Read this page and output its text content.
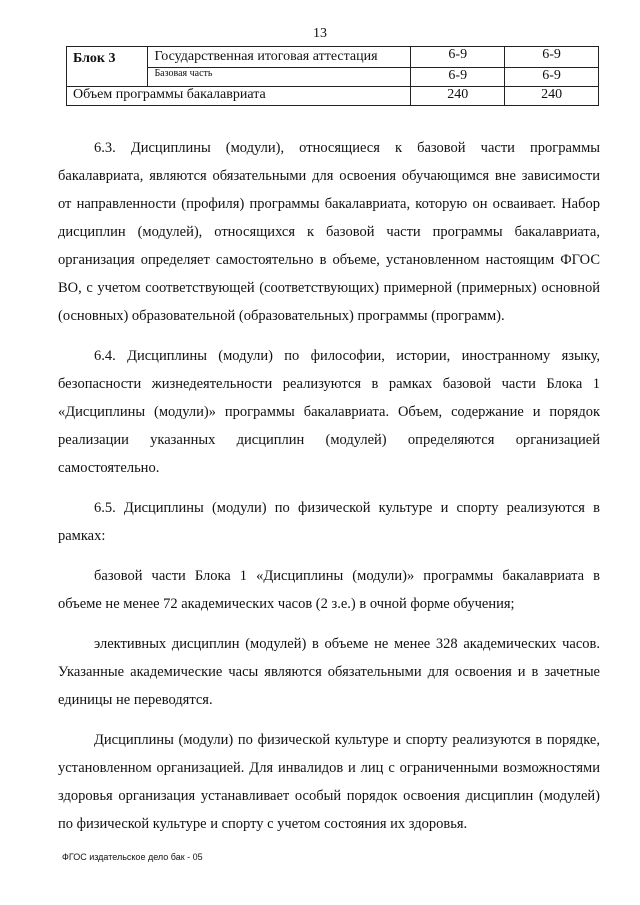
13
Блок 3	Государственная итоговая аттестация	6-9	6-9
	Базовая часть	6-9	6-9
Объем программы бакалавриата		240	240

6.3. Дисциплины (модули), относящиеся к базовой части программы бакалавриата, являются обязательными для освоения обучающимся вне зависимости от направленности (профиля) программы бакалавриата, которую он осваивает. Набор дисциплин (модулей), относящихся к базовой части программы бакалавриата, организация определяет самостоятельно в объеме, установленном настоящим ФГОС ВО, с учетом соответствующей (соответствующих) примерной (примерных) основной (основных) образовательной (образовательных) программы (программ).

6.4. Дисциплины (модули) по философии, истории, иностранному языку, безопасности жизнедеятельности реализуются в рамках базовой части Блока 1 «Дисциплины (модули)» программы бакалавриата. Объем, содержание и порядок реализации указанных дисциплин (модулей) определяются организацией самостоятельно.

6.5. Дисциплины (модули) по физической культуре и спорту реализуются в рамках:

базовой части Блока 1 «Дисциплины (модули)» программы бакалавриата в объеме не менее 72 академических часов (2 з.е.) в очной форме обучения;

элективных дисциплин (модулей) в объеме не менее 328 академических часов. Указанные академические часы являются обязательными для освоения и в зачетные единицы не переводятся.

Дисциплины (модули) по физической культуре и спорту реализуются в порядке, установленном организацией. Для инвалидов и лиц с ограниченными возможностями здоровья организация устанавливает особый порядок освоения дисциплин (модулей) по физической культуре и спорту с учетом состояния их здоровья.

ФГОС издательское дело бак - 05
